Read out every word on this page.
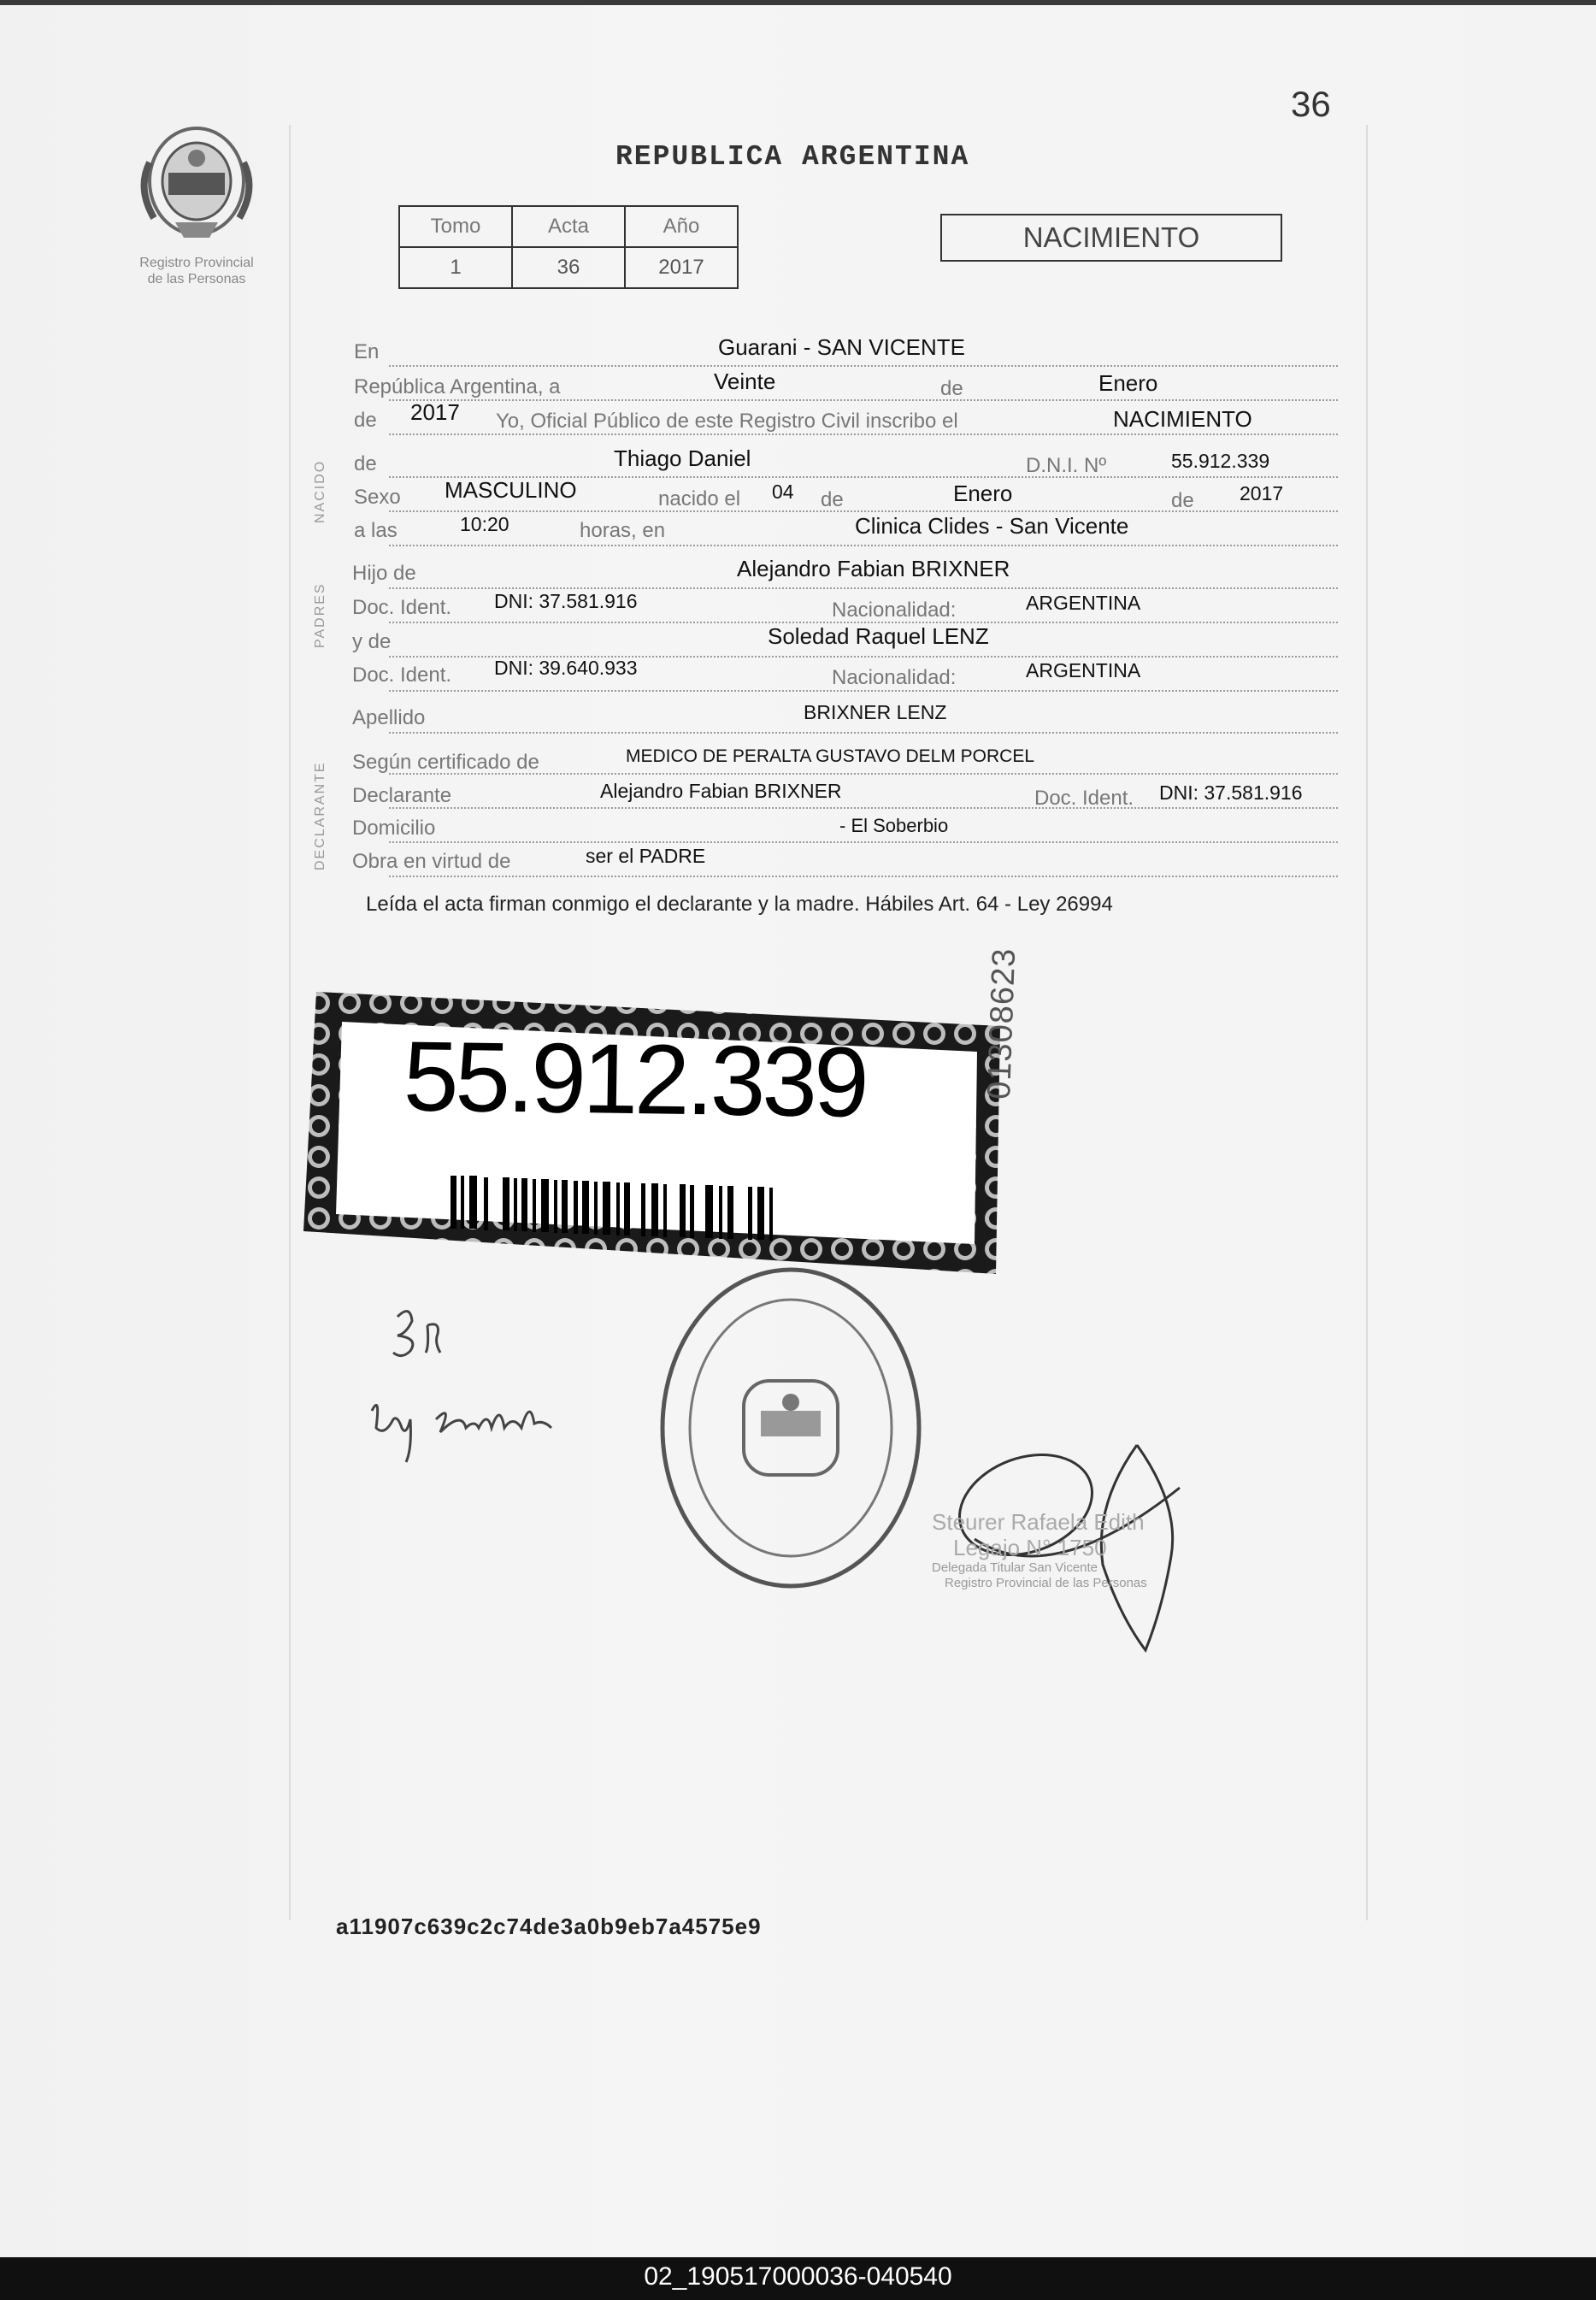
36
Registro Provincial
de las Personas
REPUBLICA ARGENTINA
Tomo	Acta	Año
1	36	2017
NACIMIENTO
NACIDO
PADRES
DECLARANTE
En	Guarani - SAN VICENTE
República Argentina, a	Veinte	de	Enero
de 2017 Yo, Oficial Público de este Registro Civil inscribo el	NACIMIENTO
de	Thiago Daniel	D.N.I. Nº	55.912.339
Sexo MASCULINO	nacido el 04 de	Enero	de 2017
a las	10:20	horas, en	Clinica Clides - San Vicente
Hijo de	Alejandro Fabian BRIXNER
Doc. Ident. DNI: 37.581.916	Nacionalidad:	ARGENTINA
y de	Soledad Raquel LENZ
Doc. Ident. DNI: 39.640.933	Nacionalidad:	ARGENTINA
Apellido	BRIXNER LENZ
Según certificado de	MEDICO DE PERALTA GUSTAVO DELM PORCEL
Declarante	Alejandro Fabian BRIXNER	Doc. Ident. DNI: 37.581.916
Domicilio	- El Soberbio
Obra en virtud de	ser el PADRE
Leída el acta firman conmigo el declarante y la madre. Hábiles Art. 64 - Ley 26994
55.912.339	01308623
Steurer Rafaela Edith
Legajo N° 1750
Delegada Titular San Vicente
Registro Provincial de las Personas
a11907c639c2c74de3a0b9eb7a4575e9
02_190517000036-040540
